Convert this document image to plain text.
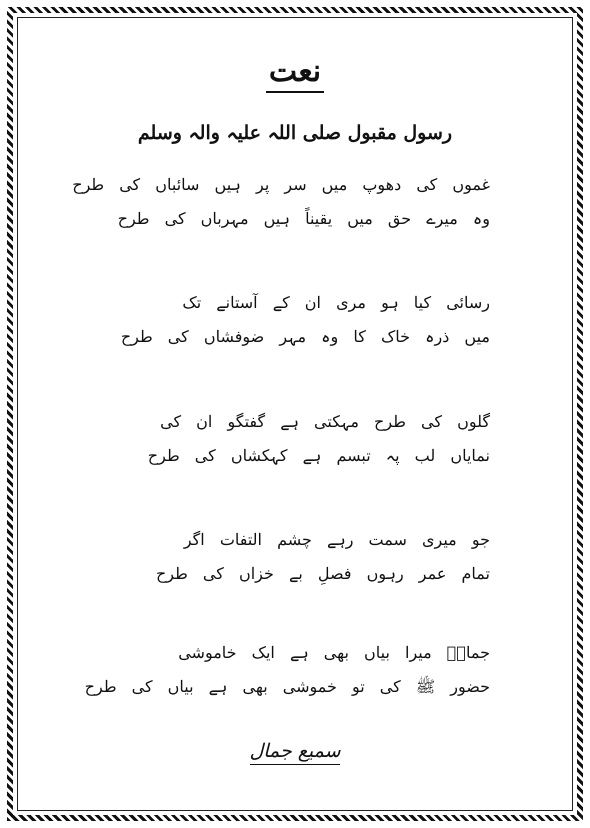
نعت
رسول مقبول صلی اللہ علیہ والہ وسلم
غموں کی دھوپ میں سر پر ہیں سائباں کی طرح
وہ میرے حق میں یقیناً ہیں مہرباں کی طرح
رسائی کیا ہو مری ان کے آستانے تک
میں ذرہ خاک کا وہ مہر ضوفشاں کی طرح
گلوں کی طرح مہکتی ہے گفتگو ان کی
نمایاں لب پہ تبسم ہے کہکشاں کی طرح
جو میری سمت رہے چشم التفات اگر
تمام عمر رہوں فصلِ بے خزاں کی طرح
جمالؔ میرا بیاں بھی ہے ایک خاموشی
حضور ﷺ کی تو خموشی بھی ہے بیاں کی طرح
سمیع جمال
